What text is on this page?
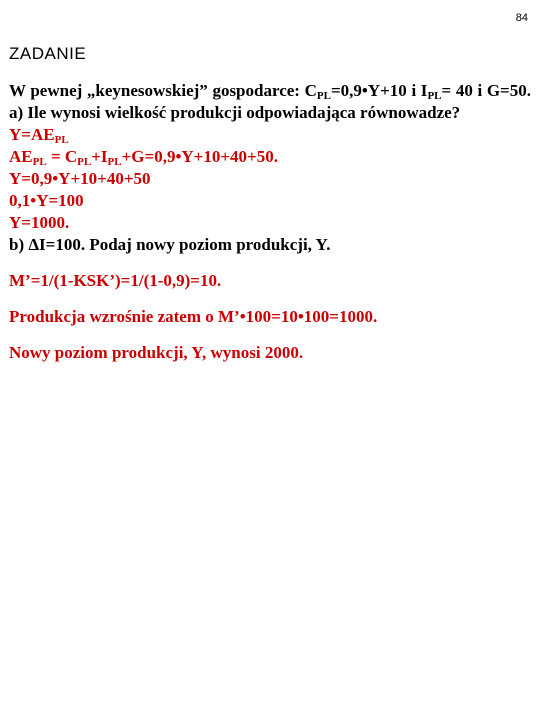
84
ZADANIE
W pewnej „keynesowskiej” gospodarce: $C_{PL}=0,9•Y+10$ i $I_{PL}= 40$ i G=50. a) Ile wynosi wielkość produkcji odpowiadająca równowadze?
$Y=AE_{PL}$
$AE_{PL}$ = $C_{PL}+I_{PL}+G=0,9•Y+10+40+50$.
Y=0,9•Y+10+40+50
0,1•Y=100
Y=1000.
b) ΔI=100. Podaj nowy poziom produkcji, Y.
M’=1/(1-KSK’)=1/(1-0,9)=10.
Produkcja wzrośnie zatem o M’•100=10•100=1000.
Nowy poziom produkcji, Y, wynosi 2000.
